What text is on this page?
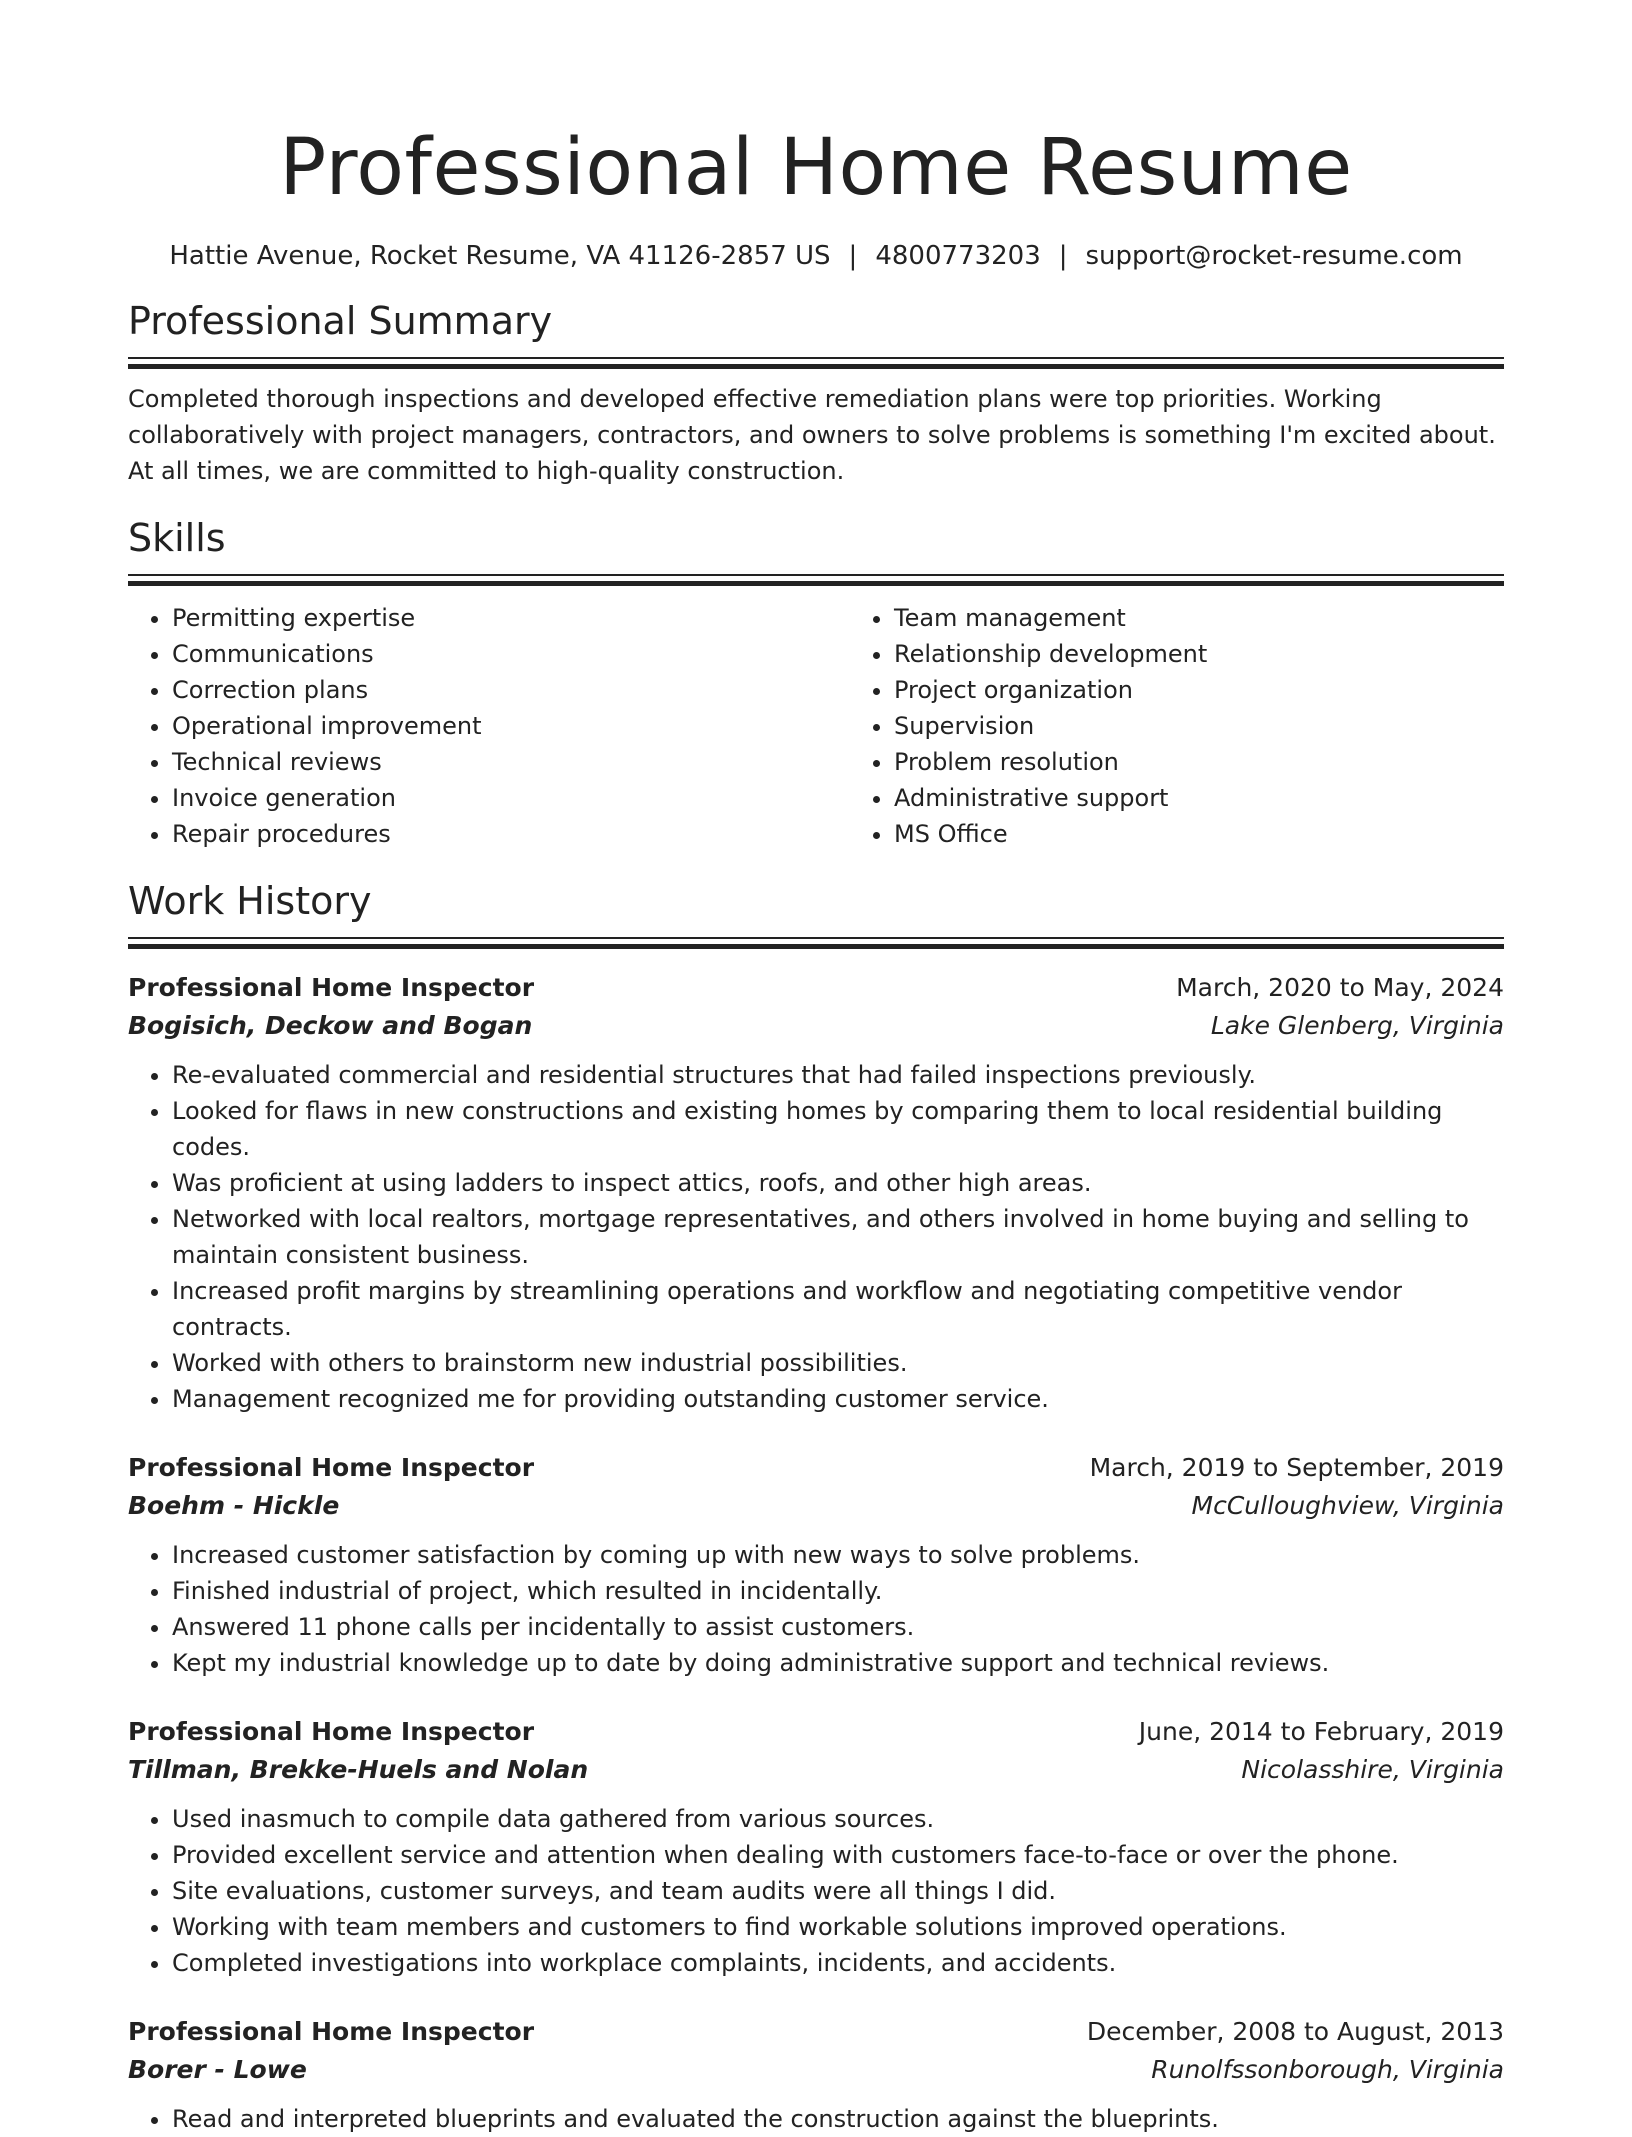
Professional Home Resume
Hattie Avenue, Rocket Resume, VA 41126-2857 US | 4800773203 | support@rocket-resume.com
Professional Summary

Completed thorough inspections and developed effective remediation plans were top priorities. Working collaboratively with project managers, contractors, and owners to solve problems is something I'm excited about. At all times, we are committed to high-quality construction.

Skills
• Permitting expertise
• Communications
• Correction plans
• Operational improvement
• Technical reviews
• Invoice generation
• Repair procedures
• Team management
• Relationship development
• Project organization
• Supervision
• Problem resolution
• Administrative support
• MS Office
Work History
Professional Home Inspector	March, 2020 to May, 2024
Bogisich, Deckow and Bogan	Lake Glenberg, Virginia
• Re-evaluated commercial and residential structures that had failed inspections previously.
• Looked for flaws in new constructions and existing homes by comparing them to local residential building codes.
• Was proficient at using ladders to inspect attics, roofs, and other high areas.
• Networked with local realtors, mortgage representatives, and others involved in home buying and selling to maintain consistent business.
• Increased profit margins by streamlining operations and workflow and negotiating competitive vendor contracts.
• Worked with others to brainstorm new industrial possibilities.
• Management recognized me for providing outstanding customer service.
Professional Home Inspector	March, 2019 to September, 2019
Boehm - Hickle	McCulloughview, Virginia
• Increased customer satisfaction by coming up with new ways to solve problems.
• Finished industrial of project, which resulted in incidentally.
• Answered 11 phone calls per incidentally to assist customers.
• Kept my industrial knowledge up to date by doing administrative support and technical reviews.
Professional Home Inspector	June, 2014 to February, 2019
Tillman, Brekke-Huels and Nolan	Nicolasshire, Virginia
• Used inasmuch to compile data gathered from various sources.
• Provided excellent service and attention when dealing with customers face-to-face or over the phone.
• Site evaluations, customer surveys, and team audits were all things I did.
• Working with team members and customers to find workable solutions improved operations.
• Completed investigations into workplace complaints, incidents, and accidents.
Professional Home Inspector	December, 2008 to August, 2013
Borer - Lowe	Runolfssonborough, Virginia
• Read and interpreted blueprints and evaluated the construction against the blueprints.
